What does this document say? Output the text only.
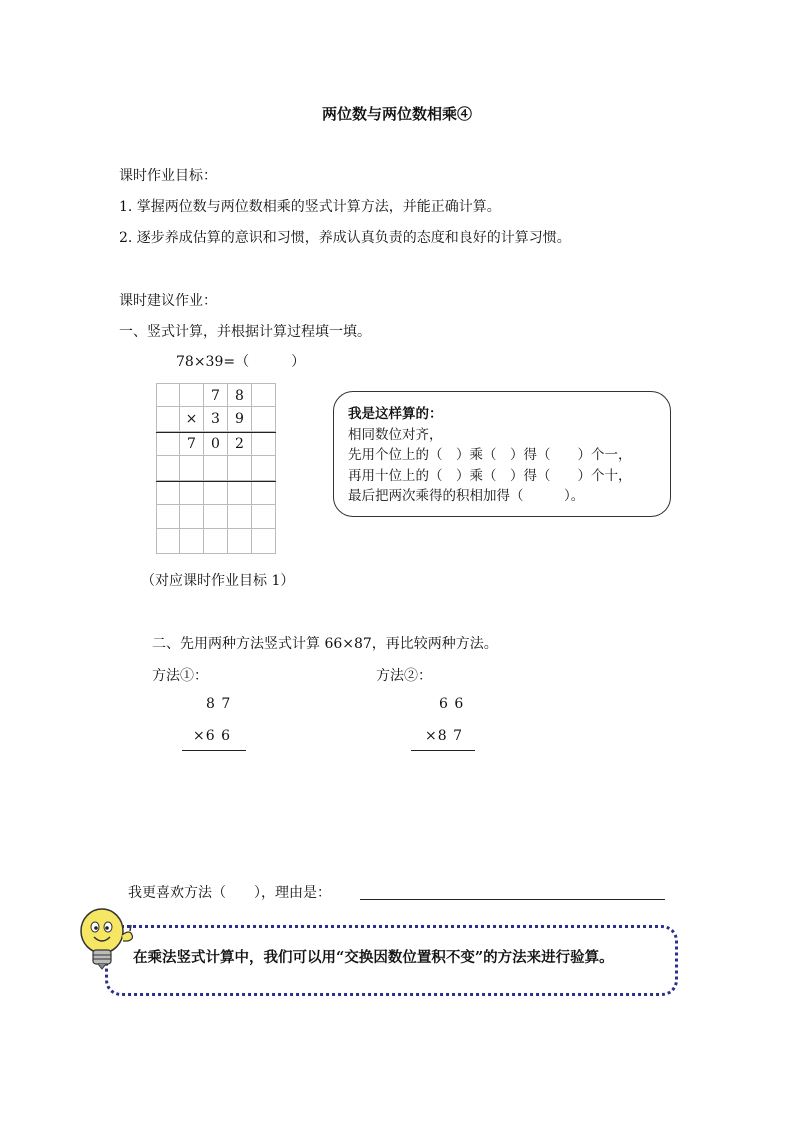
两位数与两位数相乘④
课时作业目标：
1. 掌握两位数与两位数相乘的竖式计算方法，并能正确计算。
2. 逐步养成估算的意识和习惯，养成认真负责的态度和良好的计算习惯。
课时建议作业：
一、竖式计算，并根据计算过程填一填。
78×39=（　　　）
7	8
× 3	9
7	0	2
我是这样算的：
相同数位对齐，
先用个位上的（　）乘（　）得（　　）个一，
再用十位上的（　）乘（　）得（　　）个十，
最后把两次乘得的积相加得（　　　）。
（对应课时作业目标 1）
二、先用两种方法竖式计算 66×87，再比较两种方法。
方法①：
8 7
×6 6
方法②：
6 6
×8 7
我更喜欢方法（　　），理由是：
在乘法竖式计算中，我们可以用“交换因数位置积不变”的方法来进行验算。
